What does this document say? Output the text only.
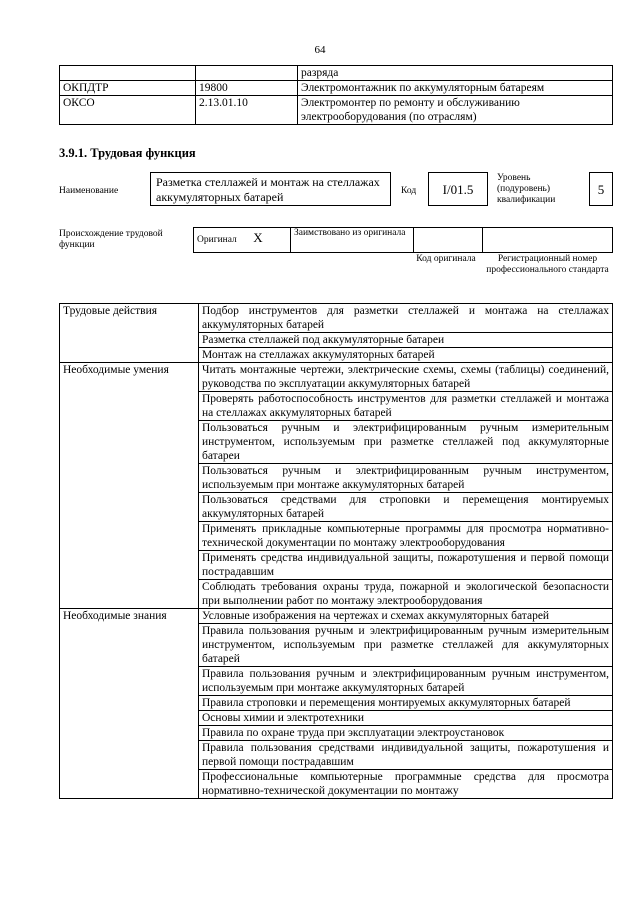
64
		разряда
ОКПДТР	19800	Электромонтажник по аккумуляторным батареям
ОКСО	2.13.01.10	Электромонтер по ремонту и обслуживанию электрооборудования (по отраслям)
3.9.1. Трудовая функция
Наименование
Разметка стеллажей и монтаж на стеллажах аккумуляторных батарей	Код	I/01.5
Уровень (подуровень) квалификации
5
Происхождение трудовой функции	Оригинал Х	Заимствовано из оригинала		
Код оригинала	Регистрационный номер профессионального стандарта
Трудовые действия	Подбор инструментов для разметки стеллажей и монтажа на стеллажах аккумуляторных батарей
	Разметка стеллажей под аккумуляторные батареи
	Монтаж на стеллажах аккумуляторных батарей
Необходимые умения	Читать монтажные чертежи, электрические схемы, схемы (таблицы) соединений, руководства по эксплуатации аккумуляторных батарей
	Проверять работоспособность инструментов для разметки стеллажей и монтажа на стеллажах аккумуляторных батарей
	Пользоваться ручным и электрифицированным ручным измерительным инструментом, используемым при разметке стеллажей под аккумуляторные батареи
	Пользоваться ручным и электрифицированным ручным инструментом, используемым при монтаже аккумуляторных батарей
	Пользоваться средствами для строповки и перемещения монтируемых аккумуляторных батарей
	Применять прикладные компьютерные программы для просмотра нормативно-технической документации по монтажу электрооборудования
	Применять средства индивидуальной защиты, пожаротушения и первой помощи пострадавшим
	Соблюдать требования охраны труда, пожарной и экологической безопасности при выполнении работ по монтажу электрооборудования
Необходимые знания	Условные изображения на чертежах и схемах аккумуляторных батарей
	Правила пользования ручным и электрифицированным ручным измерительным инструментом, используемым при разметке стеллажей для аккумуляторных батарей
	Правила пользования ручным и электрифицированным ручным инструментом, используемым при монтаже аккумуляторных батарей
	Правила строповки и перемещения монтируемых аккумуляторных батарей
	Основы химии и электротехники
	Правила по охране труда при эксплуатации электроустановок
	Правила пользования средствами индивидуальной защиты, пожаротушения и первой помощи пострадавшим
	Профессиональные компьютерные программные средства для просмотра нормативно-технической документации по монтажу
